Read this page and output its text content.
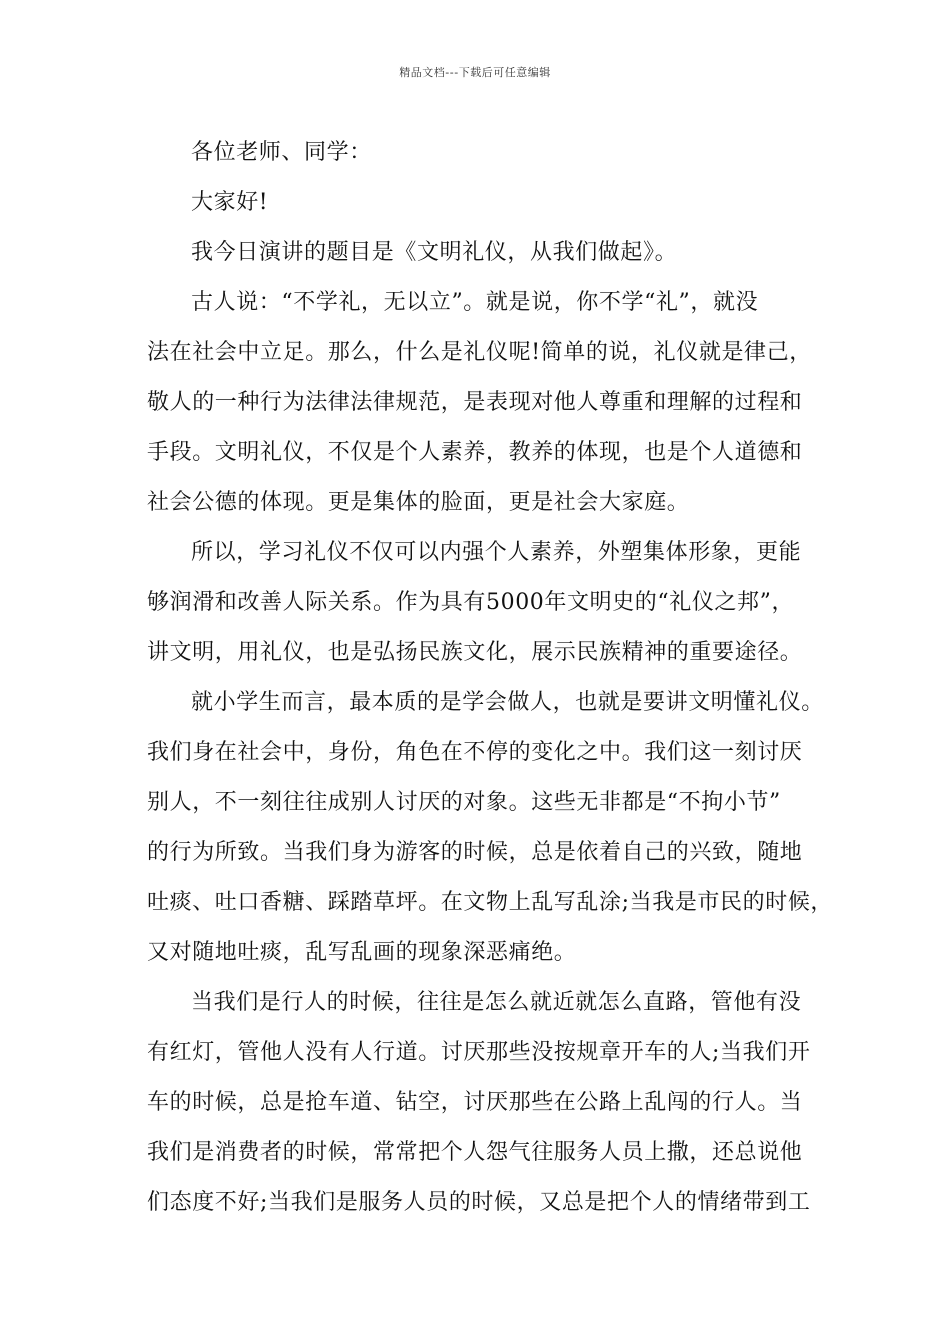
精品文档---下载后可任意编辑
各位老师、同学：
大家好!
我今日演讲的题目是《文明礼仪，从我们做起》。
古人说：“不学礼，无以立”。就是说，你不学“礼”，就没
法在社会中立足。那么，什么是礼仪呢!简单的说，礼仪就是律己，
敬人的一种行为法律法律规范，是表现对他人尊重和理解的过程和
手段。文明礼仪，不仅是个人素养，教养的体现，也是个人道德和
社会公德的体现。更是集体的脸面，更是社会大家庭。
所以，学习礼仪不仅可以内强个人素养，外塑集体形象，更能
够润滑和改善人际关系。作为具有5000年文明史的“礼仪之邦”，
讲文明，用礼仪，也是弘扬民族文化，展示民族精神的重要途径。
就小学生而言，最本质的是学会做人，也就是要讲文明懂礼仪。
我们身在社会中，身份，角色在不停的变化之中。我们这一刻讨厌
别人，不一刻往往成别人讨厌的对象。这些无非都是“不拘小节”
的行为所致。当我们身为游客的时候，总是依着自己的兴致，随地
吐痰、吐口香糖、踩踏草坪。在文物上乱写乱涂;当我是市民的时候，
又对随地吐痰，乱写乱画的现象深恶痛绝。
当我们是行人的时候，往往是怎么就近就怎么直路，管他有没
有红灯，管他人没有人行道。讨厌那些没按规章开车的人;当我们开
车的时候，总是抢车道、钻空，讨厌那些在公路上乱闯的行人。当
我们是消费者的时候，常常把个人怨气往服务人员上撒，还总说他
们态度不好;当我们是服务人员的时候，又总是把个人的情绪带到工
